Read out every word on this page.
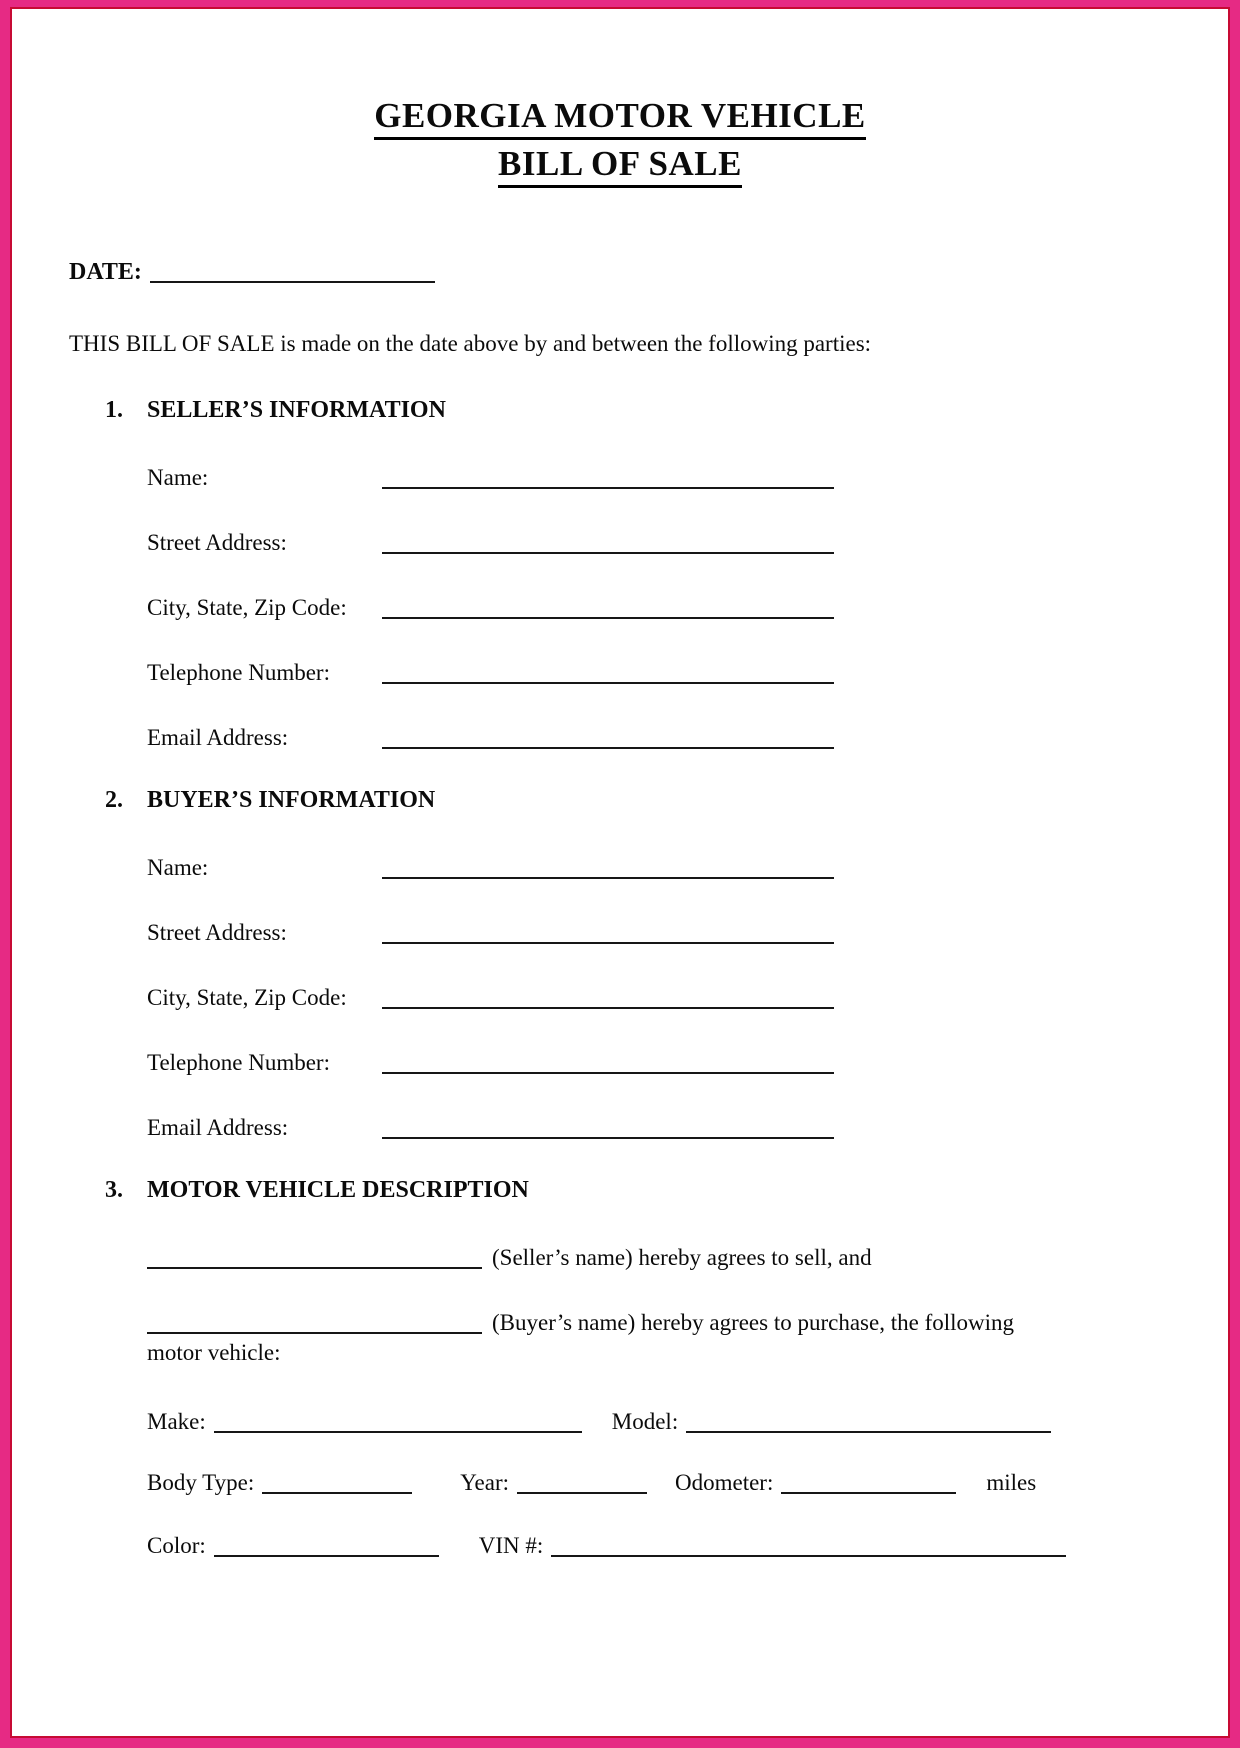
GEORGIA MOTOR VEHICLE
BILL OF SALE
DATE:
THIS BILL OF SALE is made on the date above by and between the following parties:
1. SELLER’S INFORMATION
Name:
Street Address:
City, State, Zip Code:
Telephone Number:
Email Address:
2. BUYER’S INFORMATION
Name:
Street Address:
City, State, Zip Code:
Telephone Number:
Email Address:
3. MOTOR VEHICLE DESCRIPTION
(Seller’s name) hereby agrees to sell, and
(Buyer’s name) hereby agrees to purchase, the following
motor vehicle:
Make:	Model:
Body Type:	Year:	Odometer:	miles
Color:	VIN #:
